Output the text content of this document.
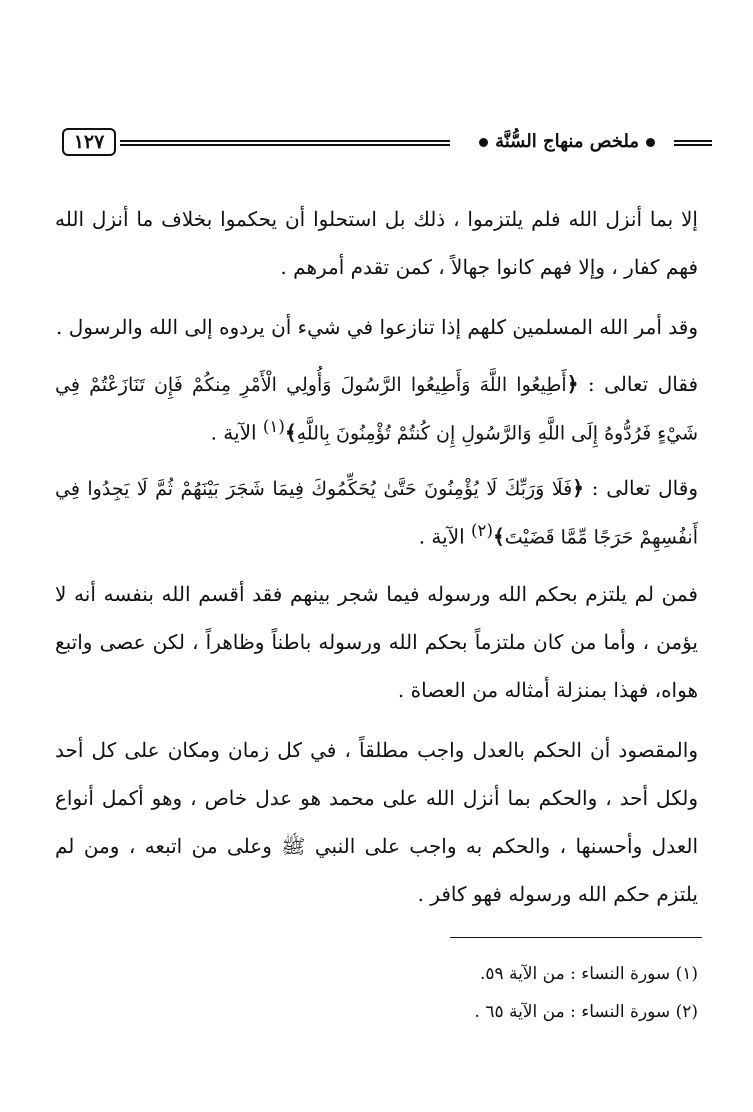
ملخص منهاج السُّنَّة
١٢٧

إلا بما أنزل الله فلم يلتزموا ، ذلك بل استحلوا أن يحكموا بخلاف ما أنزل الله فهم كفار ، وإلا فهم كانوا جهالاً ، كمن تقدم أمرهم .

وقد أمر الله المسلمين كلهم إذا تنازعوا في شيء أن يردوه إلى الله والرسول .

فقال تعالى : ﴿أَطِيعُوا اللَّهَ وَأَطِيعُوا الرَّسُولَ وَأُولِي الْأَمْرِ مِنكُمْ فَإِن تَنَازَعْتُمْ فِي شَيْءٍ فَرُدُّوهُ إِلَى اللَّهِ وَالرَّسُولِ إِن كُنتُمْ تُؤْمِنُونَ بِاللَّهِ﴾$^{(١)}$ الآية .

وقال تعالى : ﴿فَلَا وَرَبِّكَ لَا يُؤْمِنُونَ حَتَّىٰ يُحَكِّمُوكَ فِيمَا شَجَرَ بَيْنَهُمْ ثُمَّ لَا يَجِدُوا فِي أَنفُسِهِمْ حَرَجًا مِّمَّا قَضَيْتَ﴾$^{(٢)}$ الآية .

فمن لم يلتزم بحكم الله ورسوله فيما شجر بينهم فقد أقسم الله بنفسه أنه لا يؤمن ، وأما من كان ملتزماً بحكم الله ورسوله باطناً وظاهراً ، لكن عصى واتبع هواه، فهذا بمنزلة أمثاله من العصاة .

والمقصود أن الحكم بالعدل واجب مطلقاً ، في كل زمان ومكان على كل أحد ولكل أحد ، والحكم بما أنزل الله على محمد هو عدل خاص ، وهو أكمل أنواع العدل وأحسنها ، والحكم به واجب على النبي ﷺ وعلى من اتبعه ، ومن لم يلتزم حكم الله ورسوله فهو كافر .

(١) سورة النساء : من الآية ٥٩.

(٢) سورة النساء : من الآية ٦٥ .
